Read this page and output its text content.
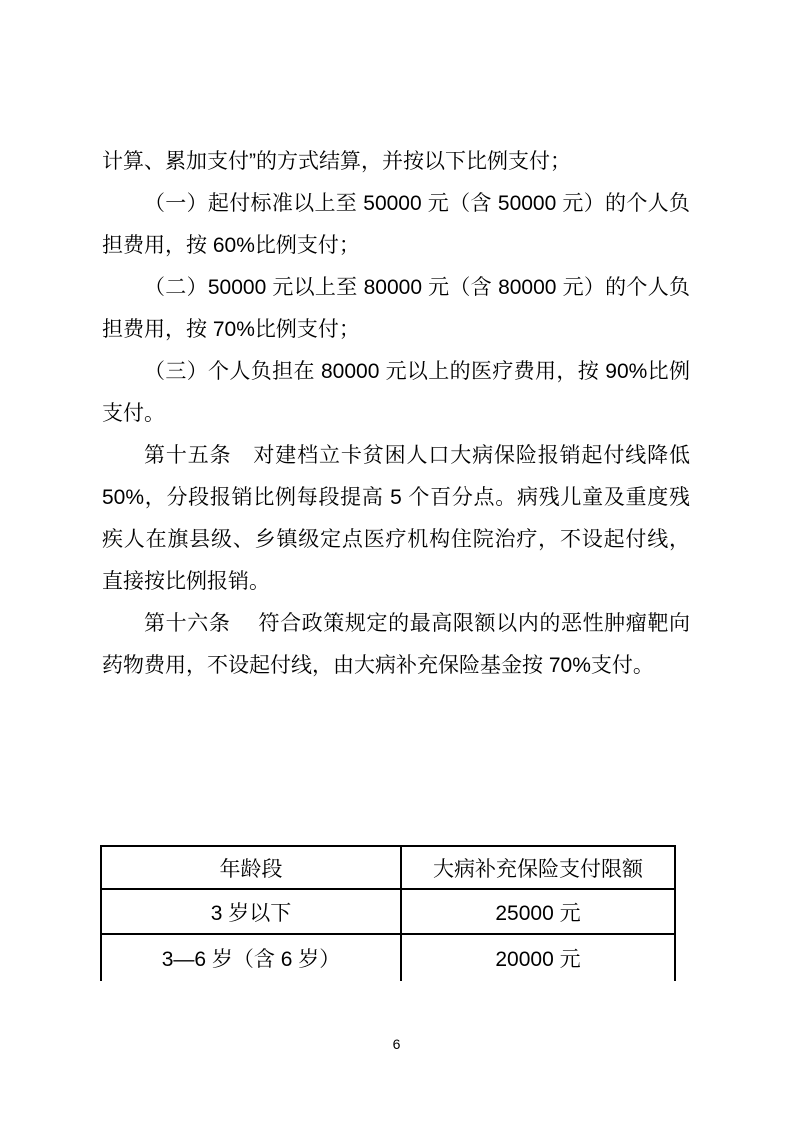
计算、累加支付”的方式结算，并按以下比例支付；
（一）起付标准以上至 50000 元（含 50000 元）的个人负
担费用，按 60%比例支付；
（二）50000 元以上至 80000 元（含 80000 元）的个人负
担费用，按 70%比例支付；
（三）个人负担在 80000 元以上的医疗费用，按 90%比例
支付。
第十五条　对建档立卡贫困人口大病保险报销起付线降低
50%，分段报销比例每段提高 5 个百分点。病残儿童及重度残
疾人在旗县级、乡镇级定点医疗机构住院治疗，不设起付线，
直接按比例报销。
第十六条　 符合政策规定的最高限额以内的恶性肿瘤靶向
药物费用，不设起付线，由大病补充保险基金按 70%支付。
年龄段	大病补充保险支付限额
3 岁以下	25000 元
3—6 岁（含 6 岁）	20000 元
6
